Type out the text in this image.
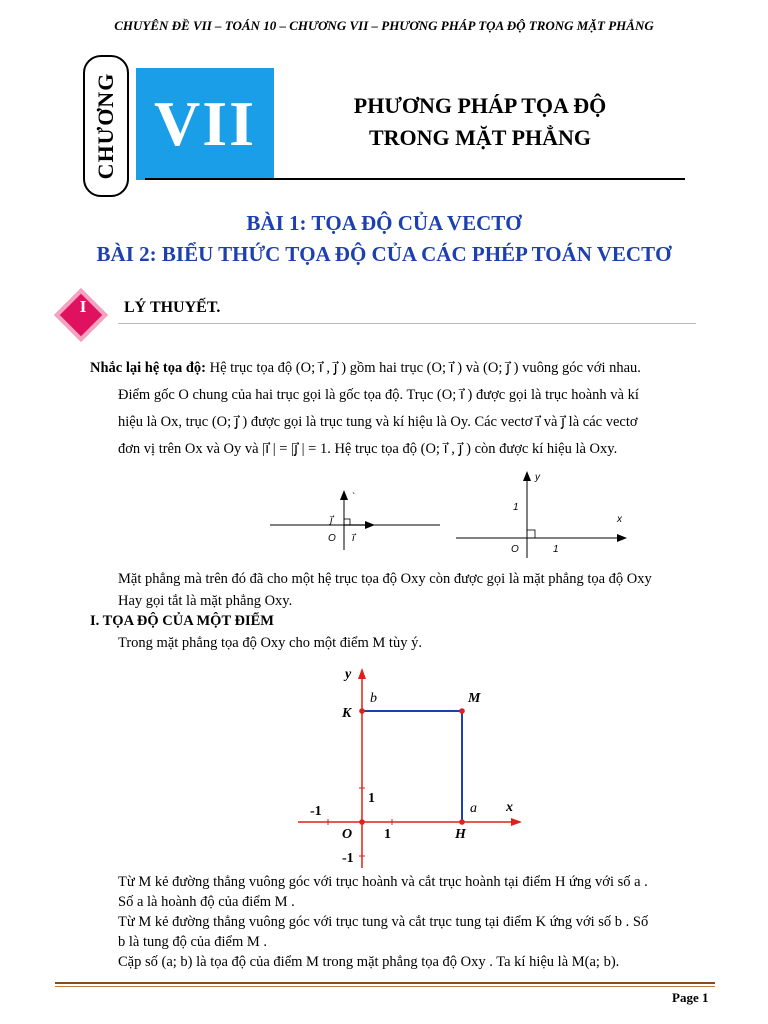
CHUYÊN ĐỀ VII – TOÁN 10 – CHƯƠNG VII – PHƯƠNG PHÁP TỌA ĐỘ TRONG MẶT PHẲNG
CHƯƠNG VII	PHƯƠNG PHÁP TỌA ĐỘ
TRONG MẶT PHẲNG
BÀI 1: TỌA ĐỘ CỦA VECTƠ
BÀI 2: BIỂU THỨC TỌA ĐỘ CỦA CÁC PHÉP TOÁN VECTƠ
I	LÝ THUYẾT.
Nhắc lại hệ tọa độ: Hệ trục tọa độ (O; i⃗ , j⃗ ) gồm hai trục (O; i⃗ ) và (O; j⃗ ) vuông góc với nhau.
Điểm gốc O chung của hai trục gọi là gốc tọa độ. Trục (O; i⃗ ) được gọi là trục hoành và kí
hiệu là Ox, trục (O; j⃗ ) được gọi là trục tung và kí hiệu là Oy. Các vectơ i⃗ và j⃗ là các vectơ
đơn vị trên Ox và Oy và |i⃗ | = |j⃗ | = 1. Hệ trục tọa độ (O; i⃗ , j⃗ ) còn được kí hiệu là Oxy.
O i⃗
j⃗
`
y
x
1
1
O
Mặt phẳng mà trên đó đã cho một hệ trục tọa độ Oxy còn được gọi là mặt phẳng tọa độ Oxy
Hay gọi tắt là mặt phẳng Oxy.
I. TỌA ĐỘ CỦA MỘT ĐIỂM
Trong mặt phẳng tọa độ Oxy cho một điểm M tùy ý.
y
x
b	M
K
a
H
O
1
1
-1
-1
Từ M kẻ đường thẳng vuông góc với trục hoành và cắt trục hoành tại điểm H ứng với số a .
Số a là hoành độ của điểm M .
Từ M kẻ đường thẳng vuông góc với trục tung và cắt trục tung tại điểm K ứng với số b . Số
b là tung độ của điểm M .
Cặp số (a; b) là tọa độ của điểm M trong mặt phẳng tọa độ Oxy . Ta kí hiệu là M(a; b).
Page 1
